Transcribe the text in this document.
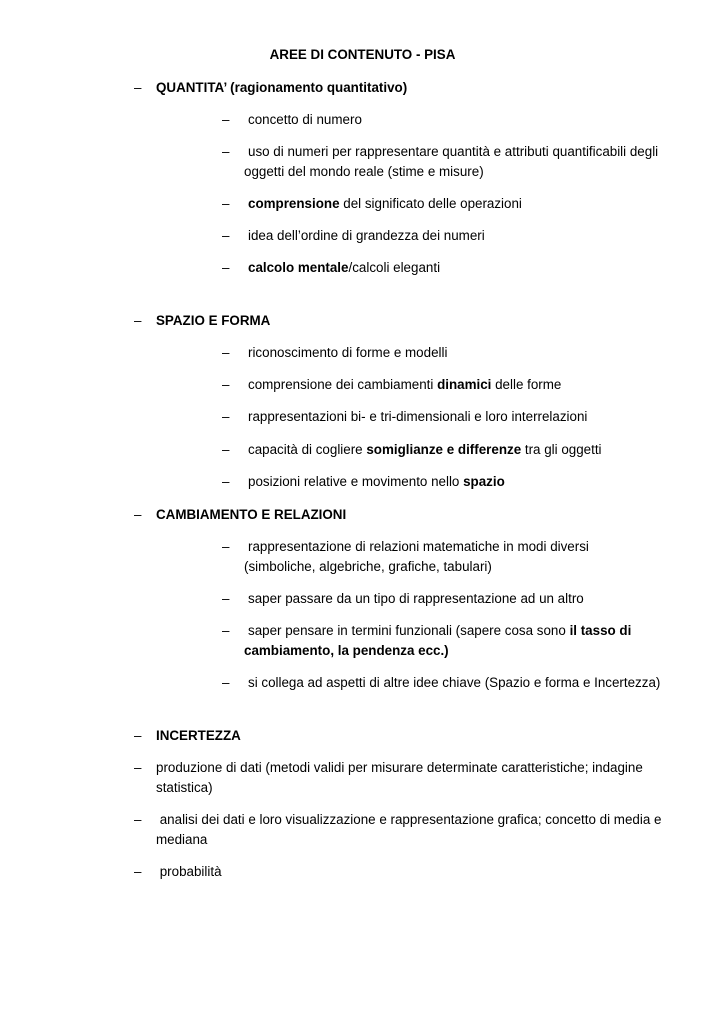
AREE DI CONTENUTO - PISA
– QUANTITA’ (ragionamento quantitativo)
– concetto di numero
– uso di numeri per rappresentare quantità e attributi quantificabili degli oggetti del mondo reale (stime e misure)
– comprensione del significato delle operazioni
– idea dell’ordine di grandezza dei numeri
– calcolo mentale/calcoli eleganti
– SPAZIO E FORMA
– riconoscimento di forme e modelli
– comprensione dei cambiamenti dinamici delle forme
– rappresentazioni bi- e tri-dimensionali e loro interrelazioni
– capacità di cogliere somiglianze e differenze tra gli oggetti
– posizioni relative e movimento nello spazio
– CAMBIAMENTO E RELAZIONI
– rappresentazione di relazioni matematiche in modi diversi (simboliche, algebriche, grafiche, tabulari)
– saper passare da un tipo di rappresentazione ad un altro
– saper pensare in termini funzionali (sapere cosa sono il tasso di cambiamento, la pendenza ecc.)
– si collega ad aspetti di altre idee chiave (Spazio e forma e Incertezza)
– INCERTEZZA
– produzione di dati (metodi validi per misurare determinate caratteristiche; indagine statistica)
– analisi dei dati e loro visualizzazione e rappresentazione grafica; concetto di media e mediana
– probabilità
